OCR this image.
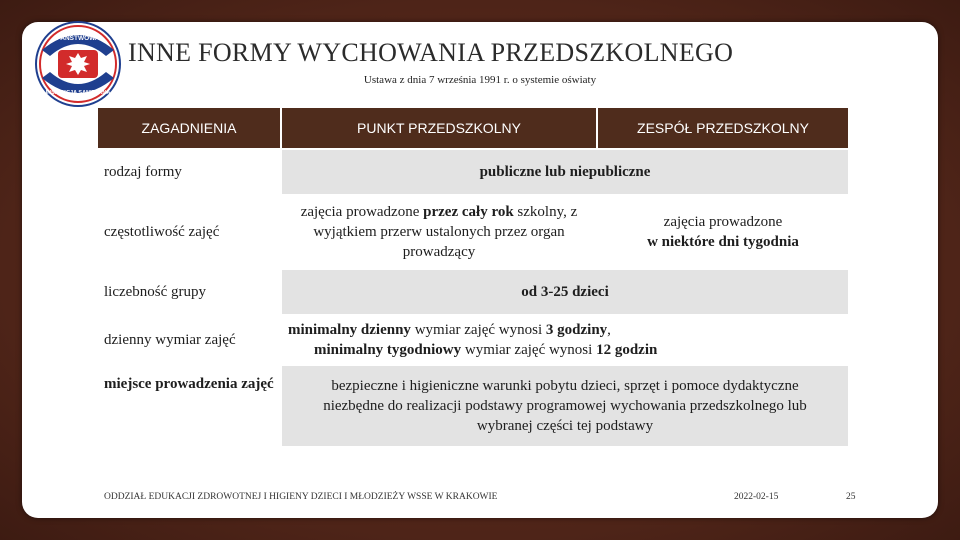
PAŃSTWOWA
INSPEKCJA SANITARNA
INNE FORMY WYCHOWANIA PRZEDSZKOLNEGO
Ustawa z dnia 7 września 1991 r. o systemie oświaty
ZAGADNIENIA	PUNKT PRZEDSZKOLNY	ZESPÓŁ PRZEDSZKOLNY
rodzaj formy	publiczne lub niepubliczne	
częstotliwość zajęć	zajęcia prowadzone przez cały rok szkolny, z wyjątkiem przerw ustalonych przez organ prowadzący	zajęcia prowadzone
w niektóre dni tygodnia

liczebność grupy	od 3-25 dzieci	
dzienny wymiar zajęć	minimalny dzienny wymiar zajęć wynosi 3 godziny,
minimalny tygodniowy wymiar zajęć wynosi 12 godzin	

miejsce prowadzenia zajęć	bezpieczne i higieniczne warunki pobytu dzieci, sprzęt i pomoce dydaktyczne niezbędne do realizacji podstawy programowej wychowania przedszkolnego lub wybranej części tej podstawy	
ODDZIAŁ EDUKACJI ZDROWOTNEJ I HIGIENY DZIECI I MŁODZIEŻY WSSE W KRAKOWIE	2022-02-15	25
